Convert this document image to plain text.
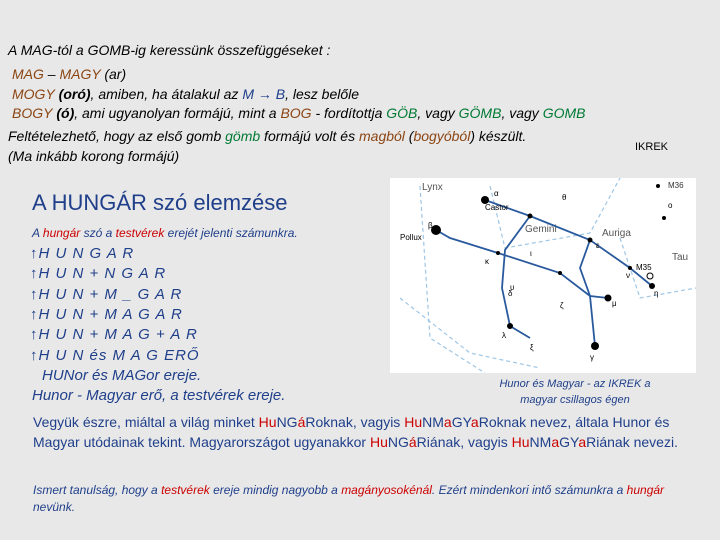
A MAG-tól a GOMB-ig keressünk összefüggéseket :
MAG – MAGY (ar)
MOGY (oró), amiben, ha átalakul az M → B, lesz belőle
BOGY (ó), ami ugyanolyan formájú, mint a BOG - fordítottja GÖB, vagy GÖMB, vagy GOMB
Feltételezhető, hogy az első gomb gömb formájú volt és magból (bogyóból) készült.
(Ma inkább korong formájú)
IKREK
A HUNGÁR szó elemzése
A hungár szó a testvérek erejét jelenti számunkra.
↑H U N G A R
↑H U N + N G A R
↑H U N + M _ G A R
↑H U N + M A G A R
↑H U N + M A G + A R
↑H U N és M A G ERŐ
HUNor és MAGor ereje.
Hunor - Magyar erő, a testvérek ereje.
Lynx	M36
Castor
Pollux
Gemini	Auriga
Tau
M35
α	θ
ι
κ
ε
υ
ζ	μ
η
ο
β
δ
λ
ξ
γ
ν
Hunor és Magyar - az IKREK a
magyar csillagos égen
Vegyük észre, miáltal a világ minket HuNGáRoknak, vagyis HuNMaGYaRoknak nevez, általa Hunor és Magyar utódainak tekint. Magyarországot ugyanakkor HuNGáRiának, vagyis HuNMaGYaRiának nevezi.
Ismert tanulság, hogy a testvérek ereje mindig nagyobb a magányosokénál. Ezért mindenkori intő számunkra a hungár nevünk.
